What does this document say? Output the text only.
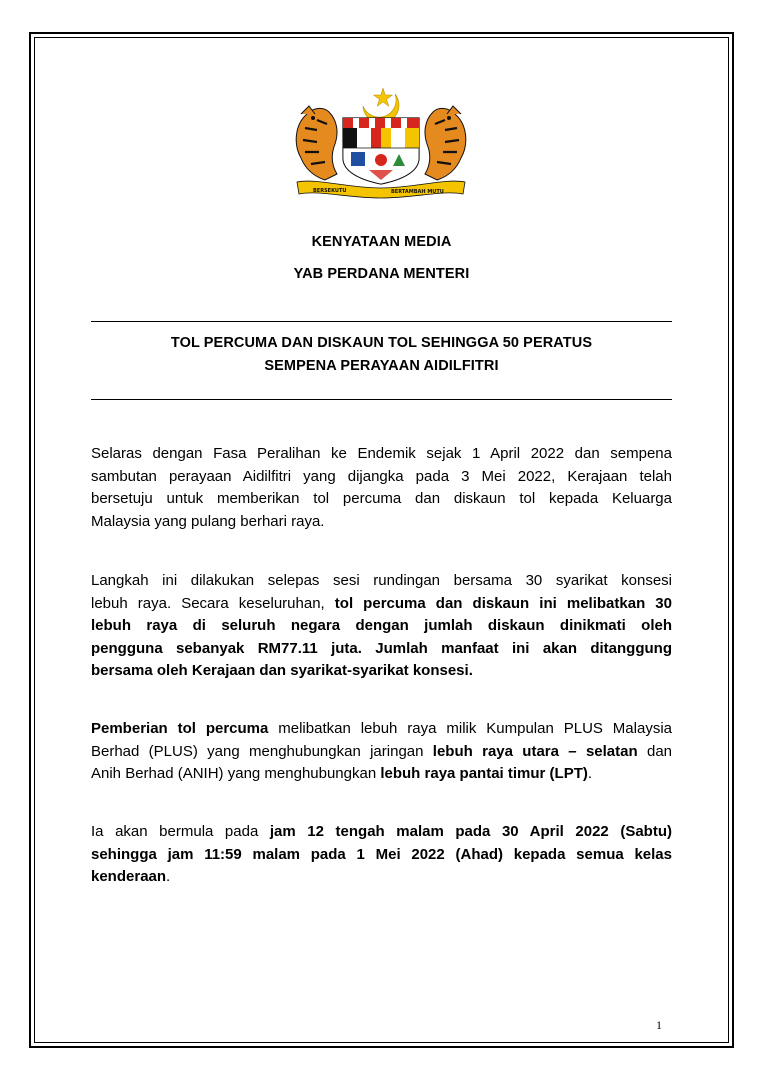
BERSEKUTU	BERTAMBAH MUTU
KENYATAAN MEDIA
YAB PERDANA MENTERI
TOL PERCUMA DAN DISKAUN TOL SEHINGGA 50 PERATUS
SEMPENA PERAYAAN AIDILFITRI
Selaras dengan Fasa Peralihan ke Endemik sejak 1 April 2022 dan sempena
sambutan perayaan Aidilfitri yang dijangka pada 3 Mei 2022, Kerajaan telah
bersetuju untuk memberikan tol percuma dan diskaun tol kepada Keluarga
Malaysia yang pulang berhari raya.
Langkah ini dilakukan selepas sesi rundingan bersama 30 syarikat konsesi
lebuh raya. Secara keseluruhan, tol percuma dan diskaun ini melibatkan 30
lebuh raya di seluruh negara dengan jumlah diskaun dinikmati oleh
pengguna sebanyak RM77.11 juta. Jumlah manfaat ini akan ditanggung
bersama oleh Kerajaan dan syarikat-syarikat konsesi.
Pemberian tol percuma melibatkan lebuh raya milik Kumpulan PLUS Malaysia
Berhad (PLUS) yang menghubungkan jaringan lebuh raya utara – selatan dan
Anih Berhad (ANIH) yang menghubungkan lebuh raya pantai timur (LPT).
Ia akan bermula pada jam 12 tengah malam pada 30 April 2022 (Sabtu)
sehingga jam 11:59 malam pada 1 Mei 2022 (Ahad) kepada semua kelas
kenderaan.
1
